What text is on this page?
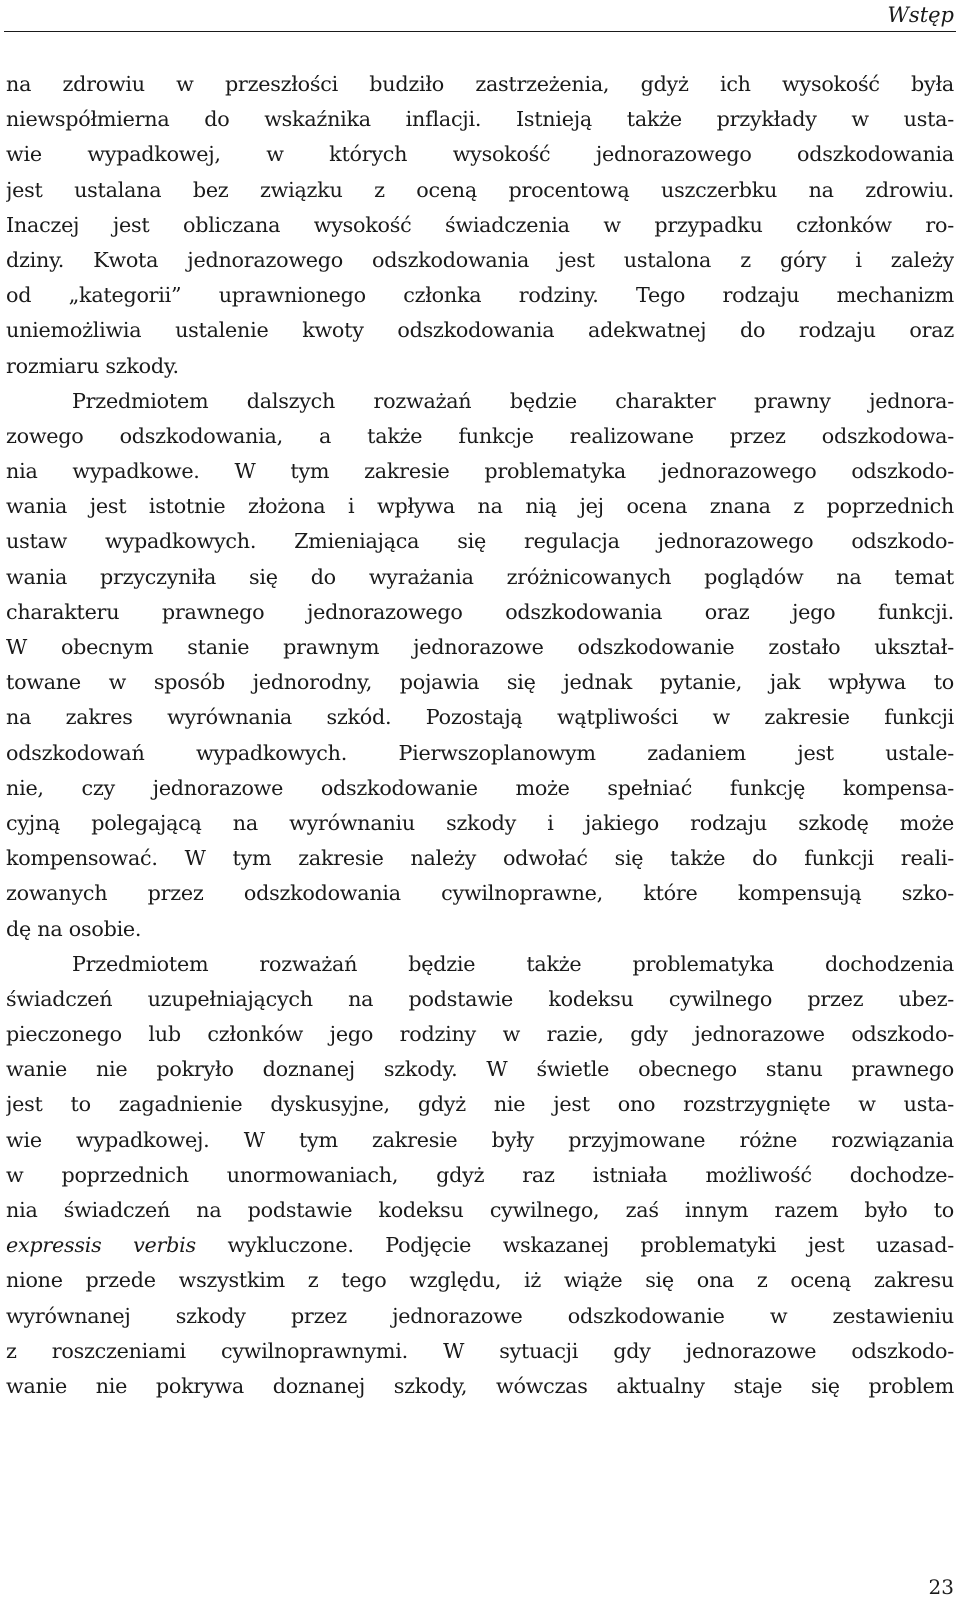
Wstęp
na zdrowiu w przeszłości budziło zastrzeżenia, gdyż ich wysokość była
niewspółmierna do wskaźnika inflacji. Istnieją także przykłady w usta-
wie wypadkowej, w których wysokość jednorazowego odszkodowania
jest ustalana bez związku z oceną procentową uszczerbku na zdrowiu.
Inaczej jest obliczana wysokość świadczenia w przypadku członków ro-
dziny. Kwota jednorazowego odszkodowania jest ustalona z góry i zależy
od „kategorii” uprawnionego członka rodziny. Tego rodzaju mechanizm
uniemożliwia ustalenie kwoty odszkodowania adekwatnej do rodzaju oraz
rozmiaru szkody.
Przedmiotem dalszych rozważań będzie charakter prawny jednora-
zowego odszkodowania, a także funkcje realizowane przez odszkodowa-
nia wypadkowe. W tym zakresie problematyka jednorazowego odszkodo-
wania jest istotnie złożona i wpływa na nią jej ocena znana z poprzednich
ustaw wypadkowych. Zmieniająca się regulacja jednorazowego odszkodo-
wania przyczyniła się do wyrażania zróżnicowanych poglądów na temat
charakteru prawnego jednorazowego odszkodowania oraz jego funkcji.
W obecnym stanie prawnym jednorazowe odszkodowanie zostało ukształ-
towane w sposób jednorodny, pojawia się jednak pytanie, jak wpływa to
na zakres wyrównania szkód. Pozostają wątpliwości w zakresie funkcji
odszkodowań wypadkowych. Pierwszoplanowym zadaniem jest ustale-
nie, czy jednorazowe odszkodowanie może spełniać funkcję kompensa-
cyjną polegającą na wyrównaniu szkody i jakiego rodzaju szkodę może
kompensować. W tym zakresie należy odwołać się także do funkcji reali-
zowanych przez odszkodowania cywilnoprawne, które kompensują szko-
dę na osobie.
Przedmiotem rozważań będzie także problematyka dochodzenia
świadczeń uzupełniających na podstawie kodeksu cywilnego przez ubez-
pieczonego lub członków jego rodziny w razie, gdy jednorazowe odszkodo-
wanie nie pokryło doznanej szkody. W świetle obecnego stanu prawnego
jest to zagadnienie dyskusyjne, gdyż nie jest ono rozstrzygnięte w usta-
wie wypadkowej. W tym zakresie były przyjmowane różne rozwiązania
w poprzednich unormowaniach, gdyż raz istniała możliwość dochodze-
nia świadczeń na podstawie kodeksu cywilnego, zaś innym razem było to
expressis verbis wykluczone. Podjęcie wskazanej problematyki jest uzasad-
nione przede wszystkim z tego względu, iż wiąże się ona z oceną zakresu
wyrównanej szkody przez jednorazowe odszkodowanie w zestawieniu
z roszczeniami cywilnoprawnymi. W sytuacji gdy jednorazowe odszkodo-
wanie nie pokrywa doznanej szkody, wówczas aktualny staje się problem
23
